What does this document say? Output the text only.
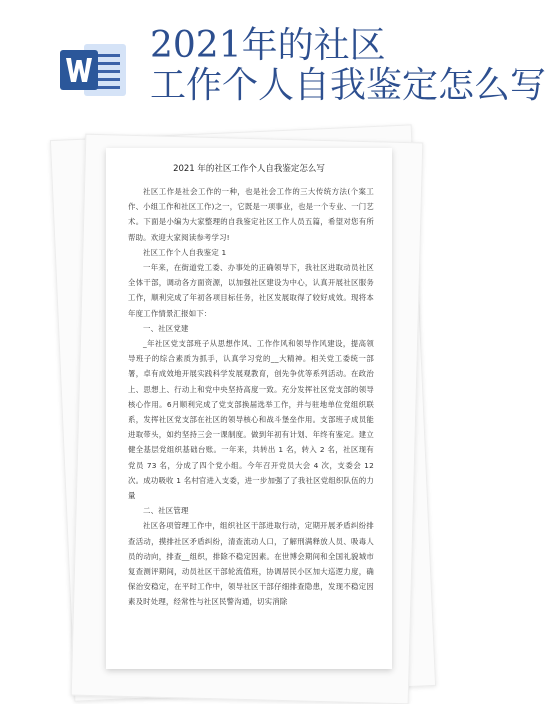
2021年的社区
工作个人自我鉴定怎么写
2021 年的社区工作个人自我鉴定怎么写

社区工作是社会工作的一种，也是社会工作的三大传统方法(个案工作、小组工作和社区工作)之一，它既是一项事业，也是一个专业、一门艺术。下面是小编为大家整理的自我鉴定社区工作人员五篇，希望对您有所帮助。欢迎大家阅读参考学习!

社区工作个人自我鉴定 1

一年来，在街道党工委、办事处的正确领导下，我社区进取动员社区全体干部，调动各方面资源，以加强社区建设为中心，认真开展社区服务工作，顺利完成了年初各项目标任务，社区发展取得了较好成效。现将本年度工作情景汇报如下：

一、社区党建

_年社区党支部班子从思想作风、工作作风和领导作风建设，提高领导班子的综合素质为抓手，认真学习党的__大精神。相关党工委统一部署，卓有成效地开展实践科学发展观教育，创先争优等系列活动。在政治上、思想上、行动上和党中央坚持高度一致。充分发挥社区党支部的领导核心作用。6月顺利完成了党支部换届选举工作，并与驻地单位党组织联系，发挥社区党支部在社区的领导核心和战斗堡垒作用。支部班子成员能进取带头，如约坚持三会一课制度。做到年初有计划、年终有鉴定。建立健全基层党组织基础台账。一年来，共转出 1 名，转入 2 名，社区现有党员 73 名，分成了四个党小组。今年召开党员大会 4 次，支委会 12 次。成功吸收 1 名村官进入支委，进一步加强了了我社区党组织队伍的力量

二、社区管理

社区各项管理工作中，组织社区干部进取行动，定期开展矛盾纠纷排查活动，摸排社区矛盾纠纷，清查流动人口，了解刑满释放人员、吸毒人员的动向，排查__组织，排除不稳定因素。在世博会期间和全国礼貌城市复查测评期间，动员社区干部轮流值班，协调居民小区加大巡逻力度，确保治安稳定，在平时工作中，领导社区干部仔细排查隐患，发现不稳定因素及时处理，经常性与社区民警沟通，切实消除
